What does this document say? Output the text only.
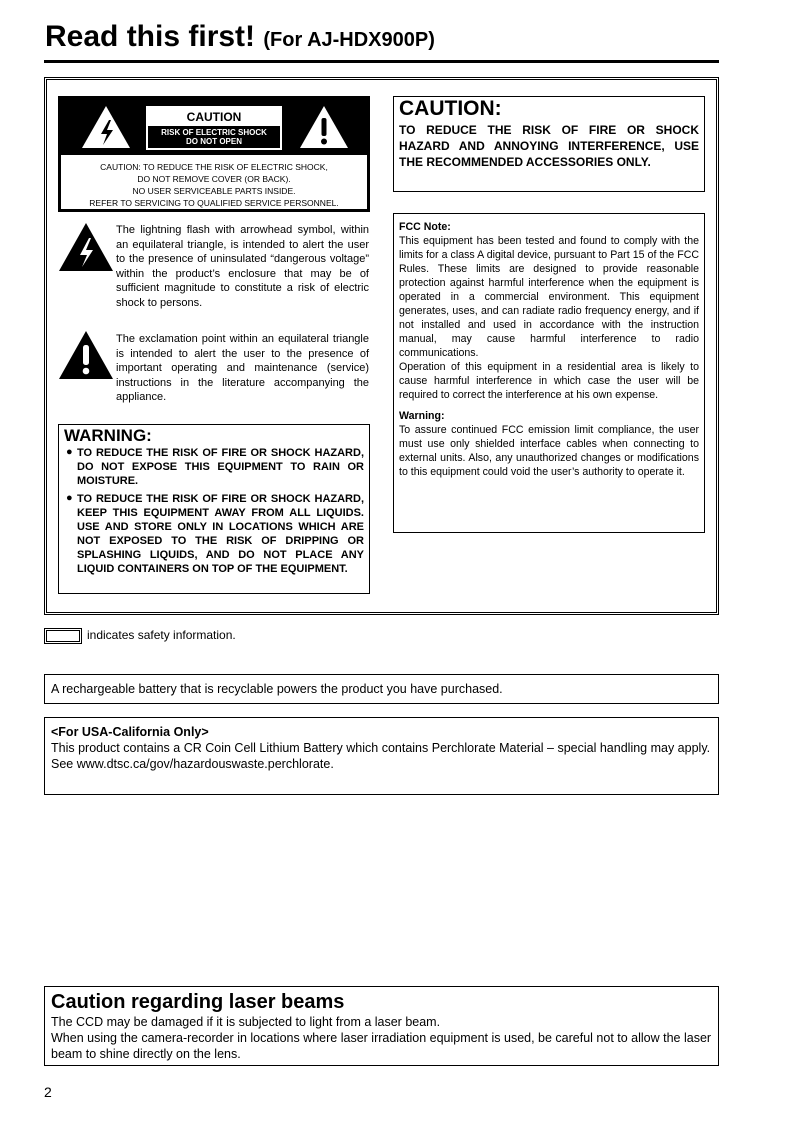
Read this first! (For AJ-HDX900P)
CAUTION
RISK OF ELECTRIC SHOCK
DO NOT OPEN
CAUTION: TO REDUCE THE RISK OF ELECTRIC SHOCK,
DO NOT REMOVE COVER (OR BACK).
NO USER SERVICEABLE PARTS INSIDE.
REFER TO SERVICING TO QUALIFIED SERVICE PERSONNEL.
The lightning flash with arrowhead symbol, within an equilateral triangle, is intended to alert the user to the presence of uninsulated “dangerous voltage” within the product’s enclosure that may be of sufficient magnitude to constitute a risk of electric shock to persons.
The exclamation point within an equilateral triangle is intended to alert the user to the presence of important operating and maintenance (service) instructions in the literature accompanying the appliance.
WARNING:
● TO REDUCE THE RISK OF FIRE OR SHOCK HAZARD, DO NOT EXPOSE THIS EQUIPMENT TO RAIN OR MOISTURE.
● TO REDUCE THE RISK OF FIRE OR SHOCK HAZARD, KEEP THIS EQUIPMENT AWAY FROM ALL LIQUIDS. USE AND STORE ONLY IN LOCATIONS WHICH ARE NOT EXPOSED TO THE RISK OF DRIPPING OR SPLASHING LIQUIDS, AND DO NOT PLACE ANY LIQUID CONTAINERS ON TOP OF THE EQUIPMENT.
CAUTION:
TO REDUCE THE RISK OF FIRE OR SHOCK HAZARD AND ANNOYING INTERFERENCE, USE THE RECOMMENDED ACCESSORIES ONLY.
FCC Note:
This equipment has been tested and found to comply with the limits for a class A digital device, pursuant to Part 15 of the FCC Rules. These limits are designed to provide reasonable protection against harmful interference when the equipment is operated in a commercial environment. This equipment generates, uses, and can radiate radio frequency energy, and if not installed and used in accordance with the instruction manual, may cause harmful interference to radio communications.
Operation of this equipment in a residential area is likely to cause harmful interference in which case the user will be required to correct the interference at his own expense.
Warning:
To assure continued FCC emission limit compliance, the user must use only shielded interface cables when connecting to external units. Also, any unauthorized changes or modifications to this equipment could void the user’s authority to operate it.
indicates safety information.
A rechargeable battery that is recyclable powers the product you have purchased.
<For USA-California Only>
This product contains a CR Coin Cell Lithium Battery which contains Perchlorate Material – special handling may apply.
See www.dtsc.ca/gov/hazardouswaste.perchlorate.
Caution regarding laser beams
The CCD may be damaged if it is subjected to light from a laser beam.
When using the camera-recorder in locations where laser irradiation equipment is used, be careful not to allow the laser beam to shine directly on the lens.
2
